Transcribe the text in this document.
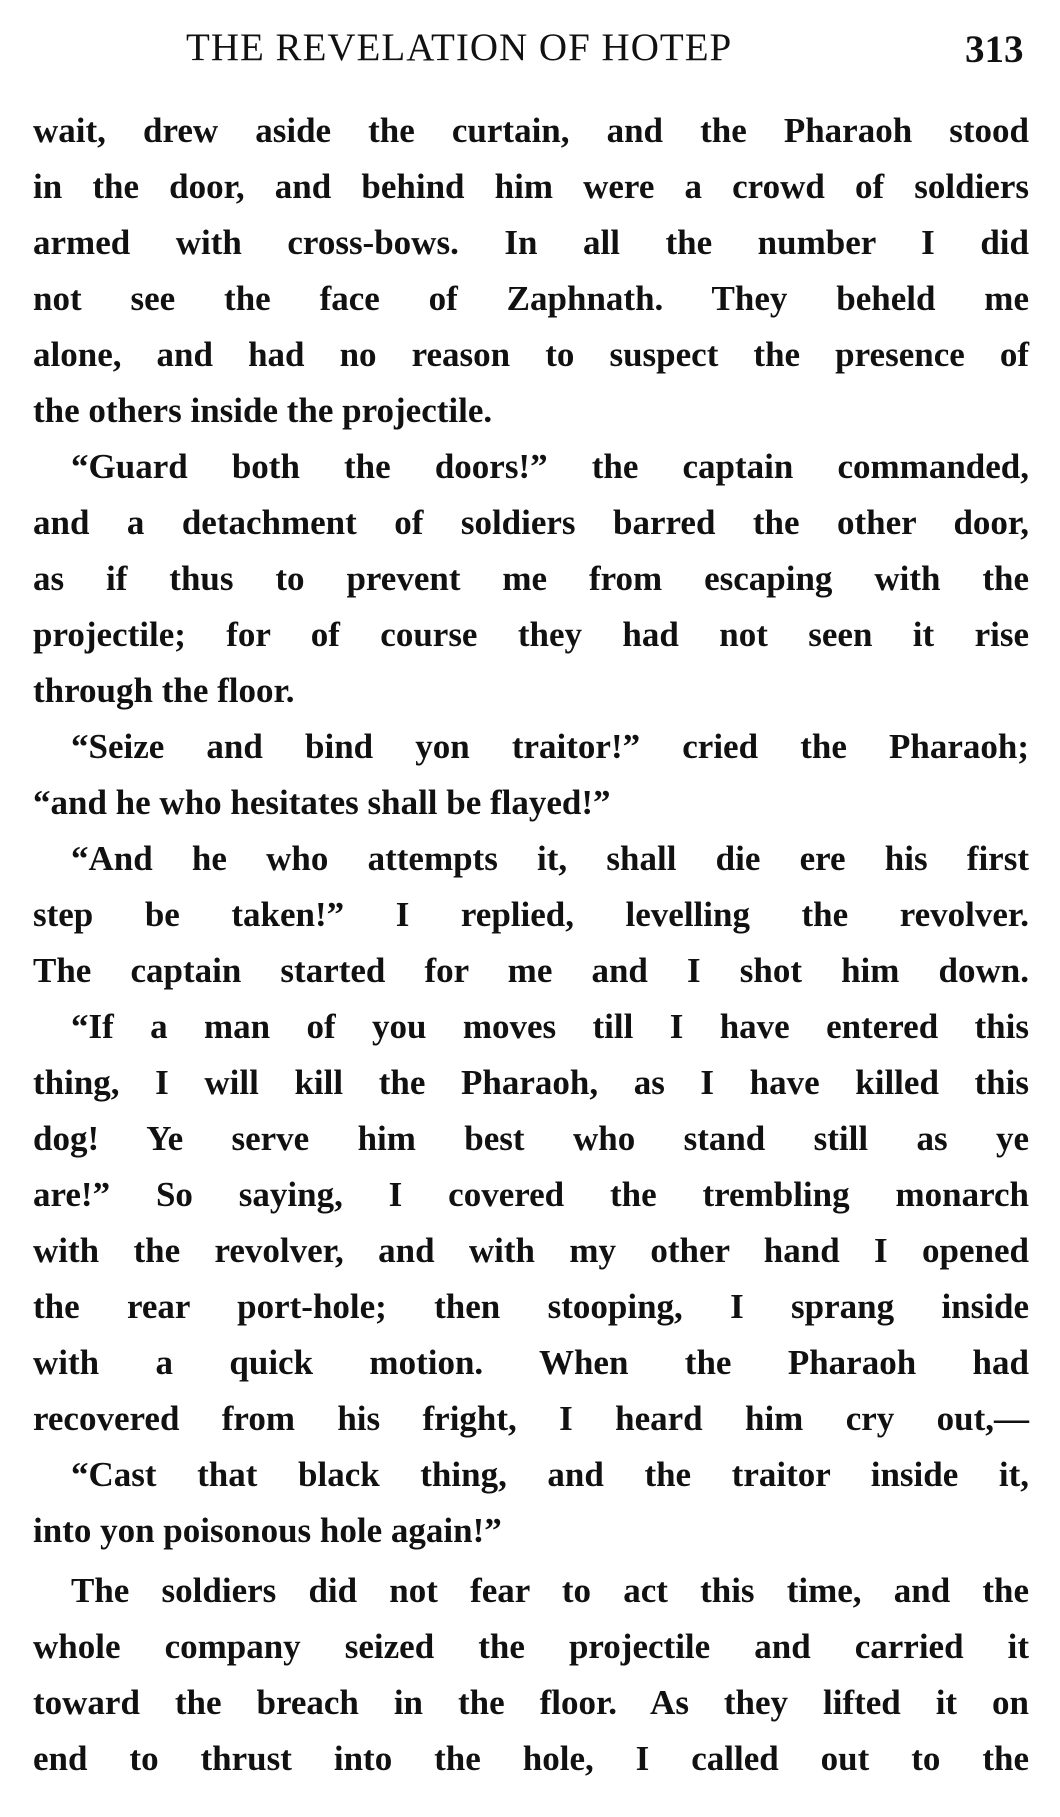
THE REVELATION OF HOTEP	313

wait, drew aside the curtain, and the Pharaoh stood
in the door, and behind him were a crowd of soldiers
armed with cross-bows. In all the number I did
not see the face of Zaphnath. They beheld me
alone, and had no reason to suspect the presence of
the others inside the projectile.

“Guard both the doors!” the captain commanded,
and a detachment of soldiers barred the other door,
as if thus to prevent me from escaping with the
projectile; for of course they had not seen it rise
through the floor.

“Seize and bind yon traitor!” cried the Pharaoh;
“and he who hesitates shall be flayed!”

“And he who attempts it, shall die ere his first
step be taken!” I replied, levelling the revolver.
The captain started for me and I shot him down.

“If a man of you moves till I have entered this
thing, I will kill the Pharaoh, as I have killed this
dog! Ye serve him best who stand still as ye
are!” So saying, I covered the trembling monarch
with the revolver, and with my other hand I opened
the rear port-hole; then stooping, I sprang inside
with a quick motion. When the Pharaoh had
recovered from his fright, I heard him cry out,—

“Cast that black thing, and the traitor inside it,
into yon poisonous hole again!”

The soldiers did not fear to act this time, and the
whole company seized the projectile and carried it
toward the breach in the floor. As they lifted it on
end to thrust into the hole, I called out to the
